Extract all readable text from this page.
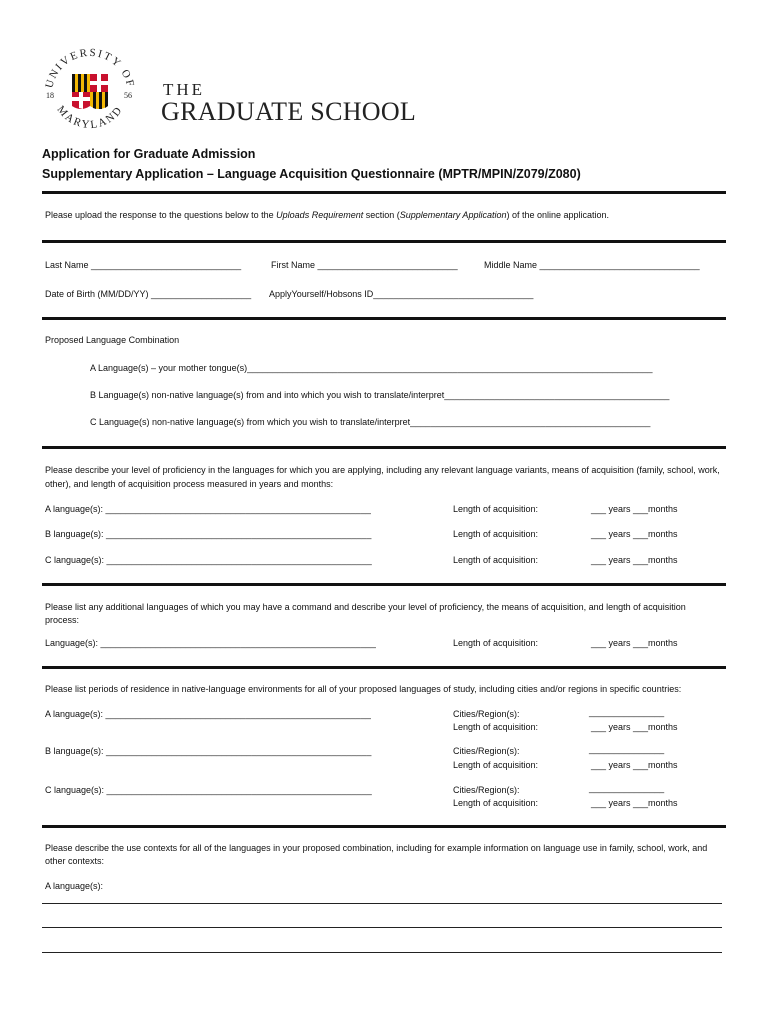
UNIVERSITY OF
MARYLAND
18	56 THE
GRADUATE SCHOOL
Application for Graduate Admission
Supplementary Application – Language Acquisition Questionnaire (MPTR/MPIN/Z079/Z080)
Please upload the response to the questions below to the Uploads Requirement section (Supplementary Application) of the online application.
Last Name ______________________________	First Name ____________________________	Middle Name ________________________________
Date of Birth (MM/DD/YY) ____________________ ApplyYourself/Hobsons ID________________________________
Proposed Language Combination
A Language(s) – your mother tongue(s)_________________________________________________________________________________
B Language(s) non-native language(s) from and into which you wish to translate/interpret_____________________________________________
C Language(s) non-native language(s) from which you wish to translate/interpret________________________________________________
Please describe your level of proficiency in the languages for which you are applying, including any relevant language variants, means of acquisition (family, school, work, other), and length of acquisition process measured in years and months:
A language(s): _____________________________________________________	Length of acquisition:	___ years ___months
B language(s): _____________________________________________________	Length of acquisition:	___ years ___months
C language(s): _____________________________________________________	Length of acquisition:	___ years ___months
Please list any additional languages of which you may have a command and describe your level of proficiency, the means of acquisition, and length of acquisition process:
Language(s): _______________________________________________________	Length of acquisition:	___ years ___months
Please list periods of residence in native-language environments for all of your proposed languages of study, including cities and/or regions in specific countries:
A language(s): _____________________________________________________	Cities/Region(s):	_______________
Length of acquisition:	___ years ___months
B language(s): _____________________________________________________	Cities/Region(s):	_______________
Length of acquisition:	___ years ___months
C language(s): _____________________________________________________	Cities/Region(s):	_______________
Length of acquisition:	___ years ___months
Please describe the use contexts for all of the languages in your proposed combination, including for example information on language use in family, school, work, and other contexts:
A language(s):
